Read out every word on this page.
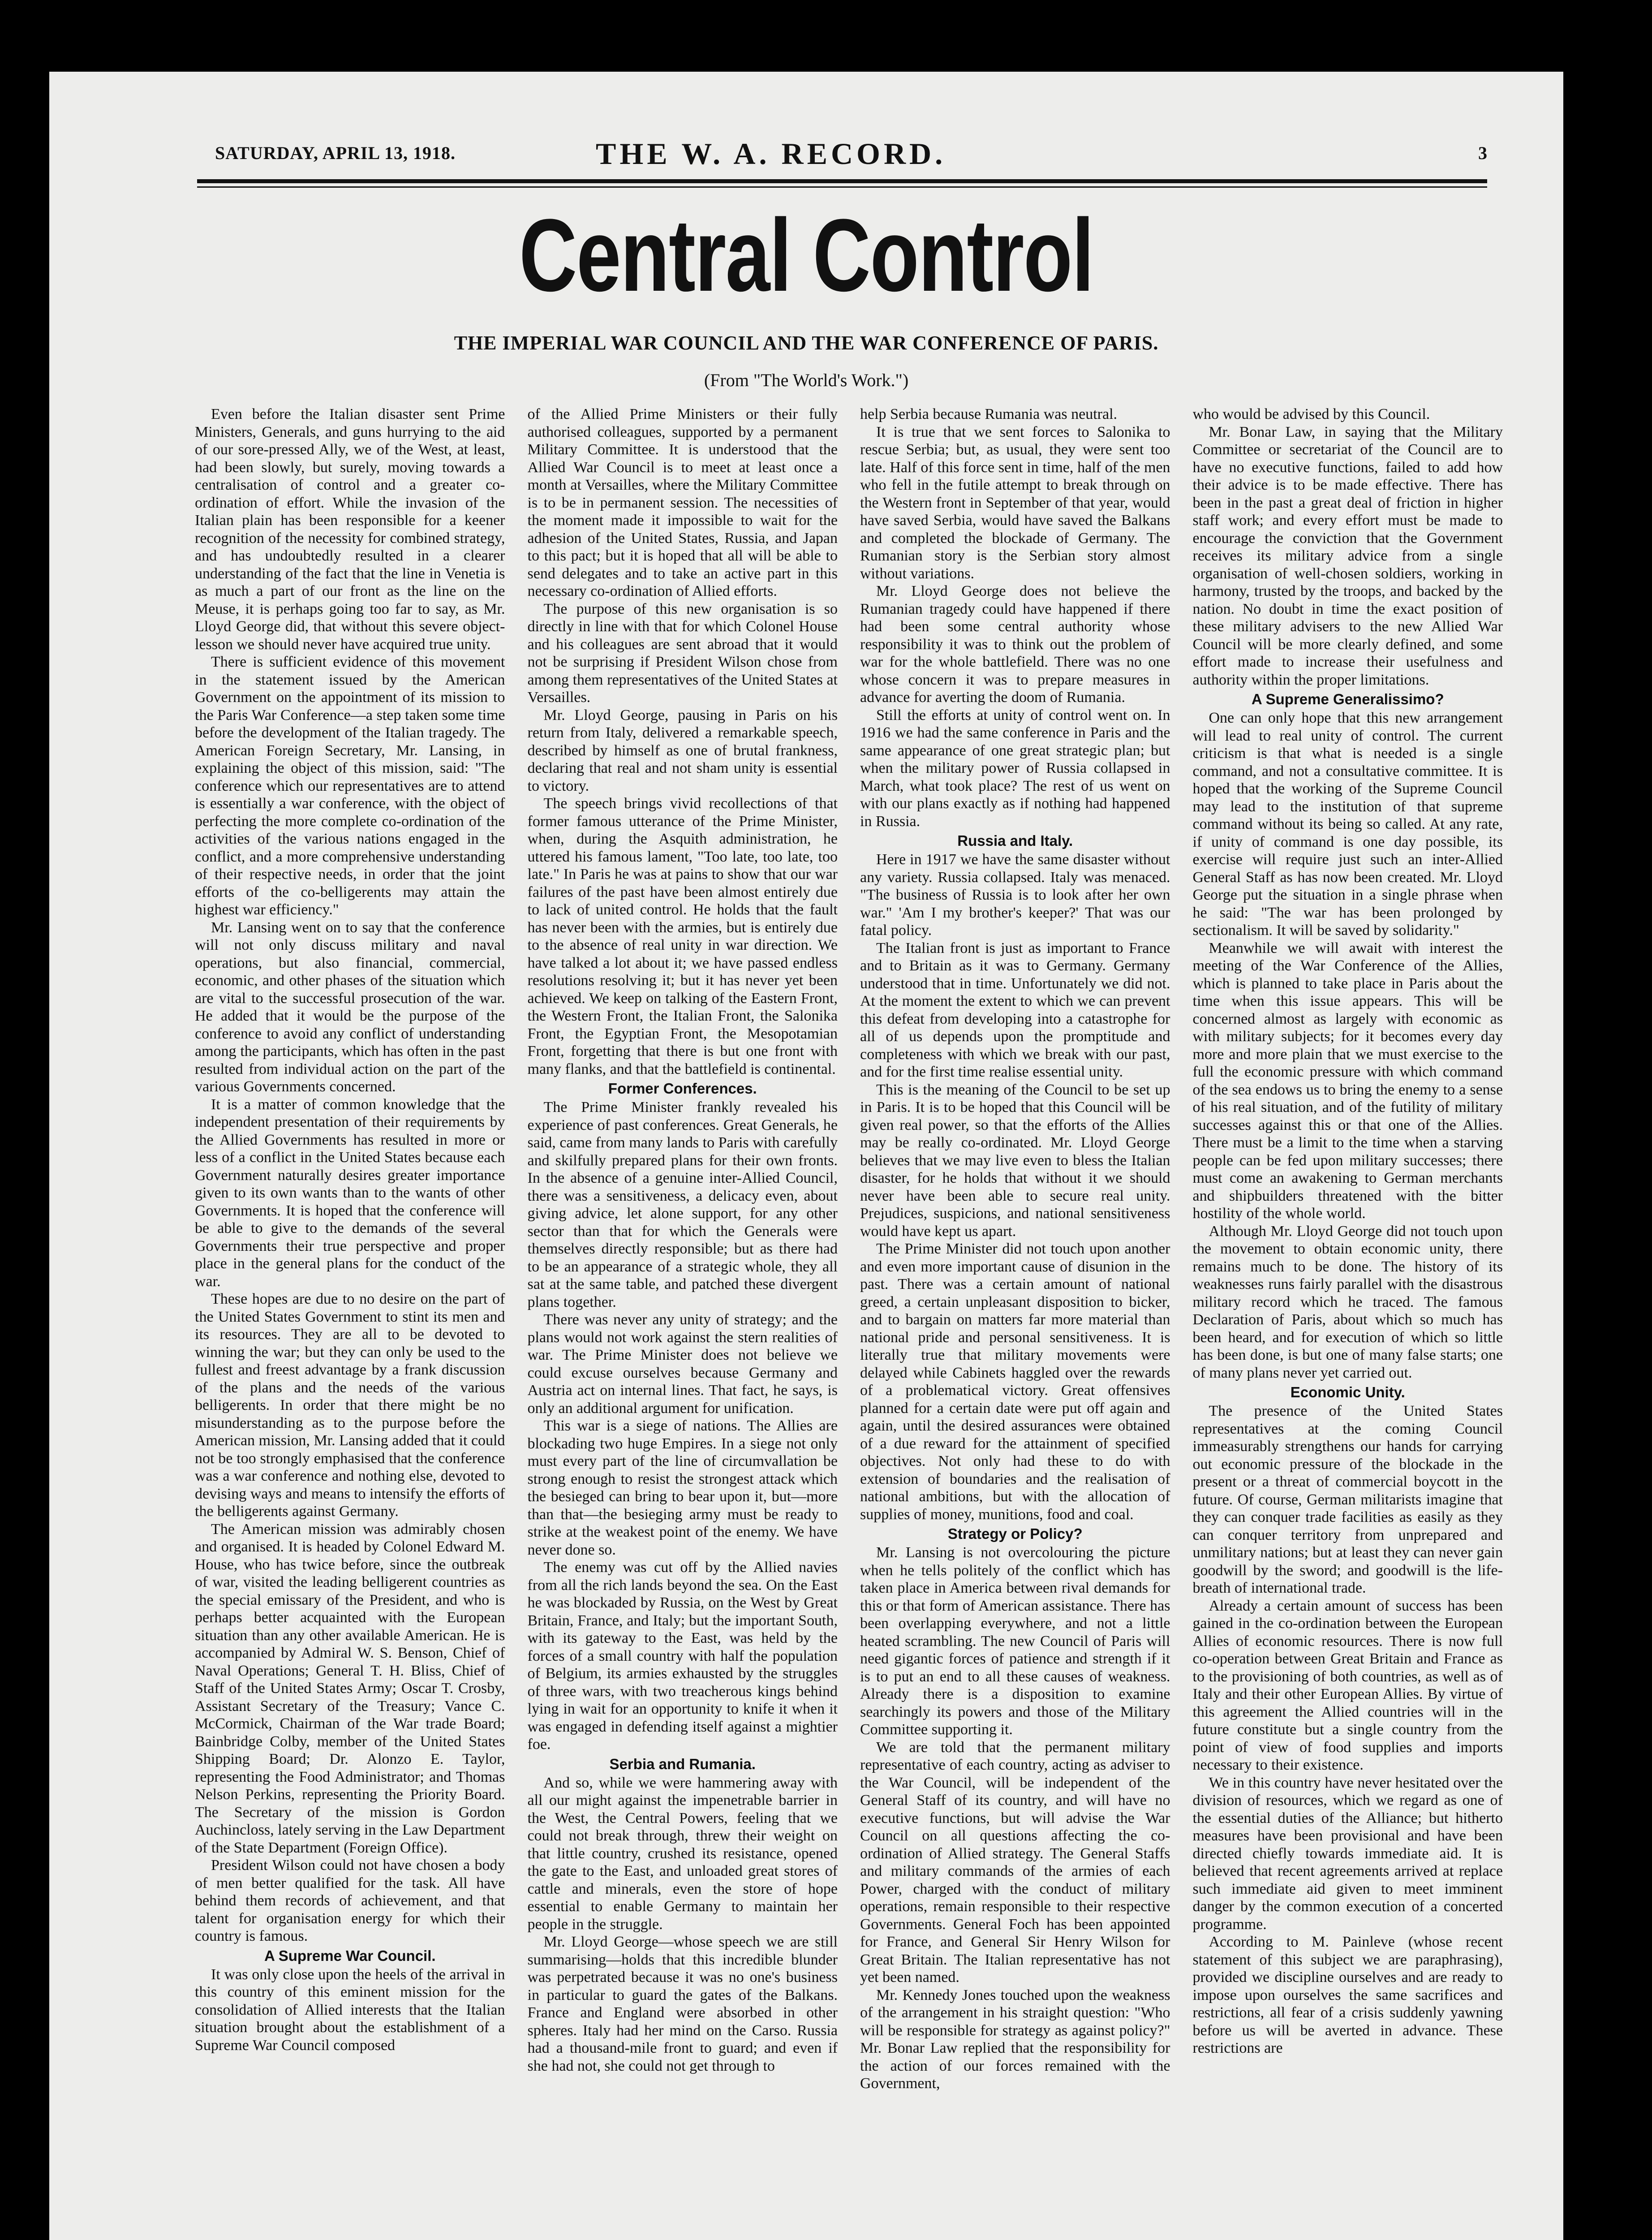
SATURDAY, APRIL 13, 1918.	THE W. A. RECORD.	3
Central Control
THE IMPERIAL WAR COUNCIL AND THE WAR CONFERENCE OF PARIS.
(From "The World's Work.")

Even before the Italian disaster sent Prime Ministers, Generals, and guns hurrying to the aid of our sore-pressed Ally, we of the West, at least, had been slowly, but surely, moving towards a centralisation of control and a greater co-ordination of effort. While the invasion of the Italian plain has been responsible for a keener recognition of the necessity for combined strategy, and has undoubtedly resulted in a clearer understanding of the fact that the line in Venetia is as much a part of our front as the line on the Meuse, it is perhaps going too far to say, as Mr. Lloyd George did, that without this severe object-lesson we should never have acquired true unity.

There is sufficient evidence of this movement in the statement issued by the American Government on the appointment of its mission to the Paris War Conference—a step taken some time before the development of the Italian tragedy. The American Foreign Secretary, Mr. Lansing, in explaining the object of this mission, said: "The conference which our representatives are to attend is essentially a war conference, with the object of perfecting the more complete co-ordination of the activities of the various nations engaged in the conflict, and a more comprehensive understanding of their respective needs, in order that the joint efforts of the co-belligerents may attain the highest war efficiency."

Mr. Lansing went on to say that the conference will not only discuss military and naval operations, but also financial, commercial, economic, and other phases of the situation which are vital to the successful prosecution of the war. He added that it would be the purpose of the conference to avoid any conflict of understanding among the participants, which has often in the past resulted from individual action on the part of the various Governments concerned.

It is a matter of common knowledge that the independent presentation of their requirements by the Allied Governments has resulted in more or less of a conflict in the United States because each Government naturally desires greater importance given to its own wants than to the wants of other Governments. It is hoped that the conference will be able to give to the demands of the several Governments their true perspective and proper place in the general plans for the conduct of the war.

These hopes are due to no desire on the part of the United States Government to stint its men and its resources. They are all to be devoted to winning the war; but they can only be used to the fullest and freest advantage by a frank discussion of the plans and the needs of the various belligerents. In order that there might be no misunderstanding as to the purpose before the American mission, Mr. Lansing added that it could not be too strongly emphasised that the conference was a war conference and nothing else, devoted to devising ways and means to intensify the efforts of the belligerents against Germany.

The American mission was admirably chosen and organised. It is headed by Colonel Edward M. House, who has twice before, since the outbreak of war, visited the leading belligerent countries as the special emissary of the President, and who is perhaps better acquainted with the European situation than any other available American. He is accompanied by Admiral W. S. Benson, Chief of Naval Operations; General T. H. Bliss, Chief of Staff of the United States Army; Oscar T. Crosby, Assistant Secretary of the Treasury; Vance C. McCormick, Chairman of the War trade Board; Bainbridge Colby, member of the United States Shipping Board; Dr. Alonzo E. Taylor, representing the Food Administrator; and Thomas Nelson Perkins, representing the Priority Board. The Secretary of the mission is Gordon Auchincloss, lately serving in the Law Department of the State Department (Foreign Office).

President Wilson could not have chosen a body of men better qualified for the task. All have behind them records of achievement, and that talent for organisation energy for which their country is famous.

A Supreme War Council.

It was only close upon the heels of the arrival in this country of this eminent mission for the consolidation of Allied interests that the Italian situation brought about the establishment of a Supreme War Council composed

of the Allied Prime Ministers or their fully authorised colleagues, supported by a permanent Military Committee. It is understood that the Allied War Council is to meet at least once a month at Versailles, where the Military Committee is to be in permanent session. The necessities of the moment made it impossible to wait for the adhesion of the United States, Russia, and Japan to this pact; but it is hoped that all will be able to send delegates and to take an active part in this necessary co-ordination of Allied efforts.

The purpose of this new organisation is so directly in line with that for which Colonel House and his colleagues are sent abroad that it would not be surprising if President Wilson chose from among them representatives of the United States at Versailles.

Mr. Lloyd George, pausing in Paris on his return from Italy, delivered a remarkable speech, described by himself as one of brutal frankness, declaring that real and not sham unity is essential to victory.

The speech brings vivid recollections of that former famous utterance of the Prime Minister, when, during the Asquith administration, he uttered his famous lament, "Too late, too late, too late." In Paris he was at pains to show that our war failures of the past have been almost entirely due to lack of united control. He holds that the fault has never been with the armies, but is entirely due to the absence of real unity in war direction. We have talked a lot about it; we have passed endless resolutions resolving it; but it has never yet been achieved. We keep on talking of the Eastern Front, the Western Front, the Italian Front, the Salonika Front, the Egyptian Front, the Mesopotamian Front, forgetting that there is but one front with many flanks, and that the battlefield is continental.

Former Conferences.

The Prime Minister frankly revealed his experience of past conferences. Great Generals, he said, came from many lands to Paris with carefully and skilfully prepared plans for their own fronts. In the absence of a genuine inter-Allied Council, there was a sensitiveness, a delicacy even, about giving advice, let alone support, for any other sector than that for which the Generals were themselves directly responsible; but as there had to be an appearance of a strategic whole, they all sat at the same table, and patched these divergent plans together.

There was never any unity of strategy; and the plans would not work against the stern realities of war. The Prime Minister does not believe we could excuse ourselves because Germany and Austria act on internal lines. That fact, he says, is only an additional argument for unification.

This war is a siege of nations. The Allies are blockading two huge Empires. In a siege not only must every part of the line of circumvallation be strong enough to resist the strongest attack which the besieged can bring to bear upon it, but—more than that—the besieging army must be ready to strike at the weakest point of the enemy. We have never done so.

The enemy was cut off by the Allied navies from all the rich lands beyond the sea. On the East he was blockaded by Russia, on the West by Great Britain, France, and Italy; but the important South, with its gateway to the East, was held by the forces of a small country with half the population of Belgium, its armies exhausted by the struggles of three wars, with two treacherous kings behind lying in wait for an opportunity to knife it when it was engaged in defending itself against a mightier foe.

Serbia and Rumania.

And so, while we were hammering away with all our might against the impenetrable barrier in the West, the Central Powers, feeling that we could not break through, threw their weight on that little country, crushed its resistance, opened the gate to the East, and unloaded great stores of cattle and minerals, even the store of hope essential to enable Germany to maintain her people in the struggle.

Mr. Lloyd George—whose speech we are still summarising—holds that this incredible blunder was perpetrated because it was no one's business in particular to guard the gates of the Balkans. France and England were absorbed in other spheres. Italy had her mind on the Carso. Russia had a thousand-mile front to guard; and even if she had not, she could not get through to

help Serbia because Rumania was neutral.

It is true that we sent forces to Salonika to rescue Serbia; but, as usual, they were sent too late. Half of this force sent in time, half of the men who fell in the futile attempt to break through on the Western front in September of that year, would have saved Serbia, would have saved the Balkans and completed the blockade of Germany. The Rumanian story is the Serbian story almost without variations.

Mr. Lloyd George does not believe the Rumanian tragedy could have happened if there had been some central authority whose responsibility it was to think out the problem of war for the whole battlefield. There was no one whose concern it was to prepare measures in advance for averting the doom of Rumania.

Still the efforts at unity of control went on. In 1916 we had the same conference in Paris and the same appearance of one great strategic plan; but when the military power of Russia collapsed in March, what took place? The rest of us went on with our plans exactly as if nothing had happened in Russia.

Russia and Italy.

Here in 1917 we have the same disaster without any variety. Russia collapsed. Italy was menaced. "The business of Russia is to look after her own war." 'Am I my brother's keeper?' That was our fatal policy.

The Italian front is just as important to France and to Britain as it was to Germany. Germany understood that in time. Unfortunately we did not. At the moment the extent to which we can prevent this defeat from developing into a catastrophe for all of us depends upon the promptitude and completeness with which we break with our past, and for the first time realise essential unity.

This is the meaning of the Council to be set up in Paris. It is to be hoped that this Council will be given real power, so that the efforts of the Allies may be really co-ordinated. Mr. Lloyd George believes that we may live even to bless the Italian disaster, for he holds that without it we should never have been able to secure real unity. Prejudices, suspicions, and national sensitiveness would have kept us apart.

The Prime Minister did not touch upon another and even more important cause of disunion in the past. There was a certain amount of national greed, a certain unpleasant disposition to bicker, and to bargain on matters far more material than national pride and personal sensitiveness. It is literally true that military movements were delayed while Cabinets haggled over the rewards of a problematical victory. Great offensives planned for a certain date were put off again and again, until the desired assurances were obtained of a due reward for the attainment of specified objectives. Not only had these to do with extension of boundaries and the realisation of national ambitions, but with the allocation of supplies of money, munitions, food and coal.

Strategy or Policy?

Mr. Lansing is not overcolouring the picture when he tells politely of the conflict which has taken place in America between rival demands for this or that form of American assistance. There has been overlapping everywhere, and not a little heated scrambling. The new Council of Paris will need gigantic forces of patience and strength if it is to put an end to all these causes of weakness. Already there is a disposition to examine searchingly its powers and those of the Military Committee supporting it.

We are told that the permanent military representative of each country, acting as adviser to the War Council, will be independent of the General Staff of its country, and will have no executive functions, but will advise the War Council on all questions affecting the co-ordination of Allied strategy. The General Staffs and military commands of the armies of each Power, charged with the conduct of military operations, remain responsible to their respective Governments. General Foch has been appointed for France, and General Sir Henry Wilson for Great Britain. The Italian representative has not yet been named.

Mr. Kennedy Jones touched upon the weakness of the arrangement in his straight question: "Who will be responsible for strategy as against policy?" Mr. Bonar Law replied that the responsibility for the action of our forces remained with the Government,

who would be advised by this Council.

Mr. Bonar Law, in saying that the Military Committee or secretariat of the Council are to have no executive functions, failed to add how their advice is to be made effective. There has been in the past a great deal of friction in higher staff work; and every effort must be made to encourage the conviction that the Government receives its military advice from a single organisation of well-chosen soldiers, working in harmony, trusted by the troops, and backed by the nation. No doubt in time the exact position of these military advisers to the new Allied War Council will be more clearly defined, and some effort made to increase their usefulness and authority within the proper limitations.

A Supreme Generalissimo?

One can only hope that this new arrangement will lead to real unity of control. The current criticism is that what is needed is a single command, and not a consultative committee. It is hoped that the working of the Supreme Council may lead to the institution of that supreme command without its being so called. At any rate, if unity of command is one day possible, its exercise will require just such an inter-Allied General Staff as has now been created. Mr. Lloyd George put the situation in a single phrase when he said: "The war has been prolonged by sectionalism. It will be saved by solidarity."

Meanwhile we will await with interest the meeting of the War Conference of the Allies, which is planned to take place in Paris about the time when this issue appears. This will be concerned almost as largely with economic as with military subjects; for it becomes every day more and more plain that we must exercise to the full the economic pressure with which command of the sea endows us to bring the enemy to a sense of his real situation, and of the futility of military successes against this or that one of the Allies. There must be a limit to the time when a starving people can be fed upon military successes; there must come an awakening to German merchants and shipbuilders threatened with the bitter hostility of the whole world.

Although Mr. Lloyd George did not touch upon the movement to obtain economic unity, there remains much to be done. The history of its weaknesses runs fairly parallel with the disastrous military record which he traced. The famous Declaration of Paris, about which so much has been heard, and for execution of which so little has been done, is but one of many false starts; one of many plans never yet carried out.

Economic Unity.

The presence of the United States representatives at the coming Council immeasurably strengthens our hands for carrying out economic pressure of the blockade in the present or a threat of commercial boycott in the future. Of course, German militarists imagine that they can conquer trade facilities as easily as they can conquer territory from unprepared and unmilitary nations; but at least they can never gain goodwill by the sword; and goodwill is the life-breath of international trade.

Already a certain amount of success has been gained in the co-ordination between the European Allies of economic resources. There is now full co-operation between Great Britain and France as to the provisioning of both countries, as well as of Italy and their other European Allies. By virtue of this agreement the Allied countries will in the future constitute but a single country from the point of view of food supplies and imports necessary to their existence.

We in this country have never hesitated over the division of resources, which we regard as one of the essential duties of the Alliance; but hitherto measures have been provisional and have been directed chiefly towards immediate aid. It is believed that recent agreements arrived at replace such immediate aid given to meet imminent danger by the common execution of a concerted programme.

According to M. Painleve (whose recent statement of this subject we are paraphrasing), provided we discipline ourselves and are ready to impose upon ourselves the same sacrifices and restrictions, all fear of a crisis suddenly yawning before us will be averted in advance. These restrictions are
